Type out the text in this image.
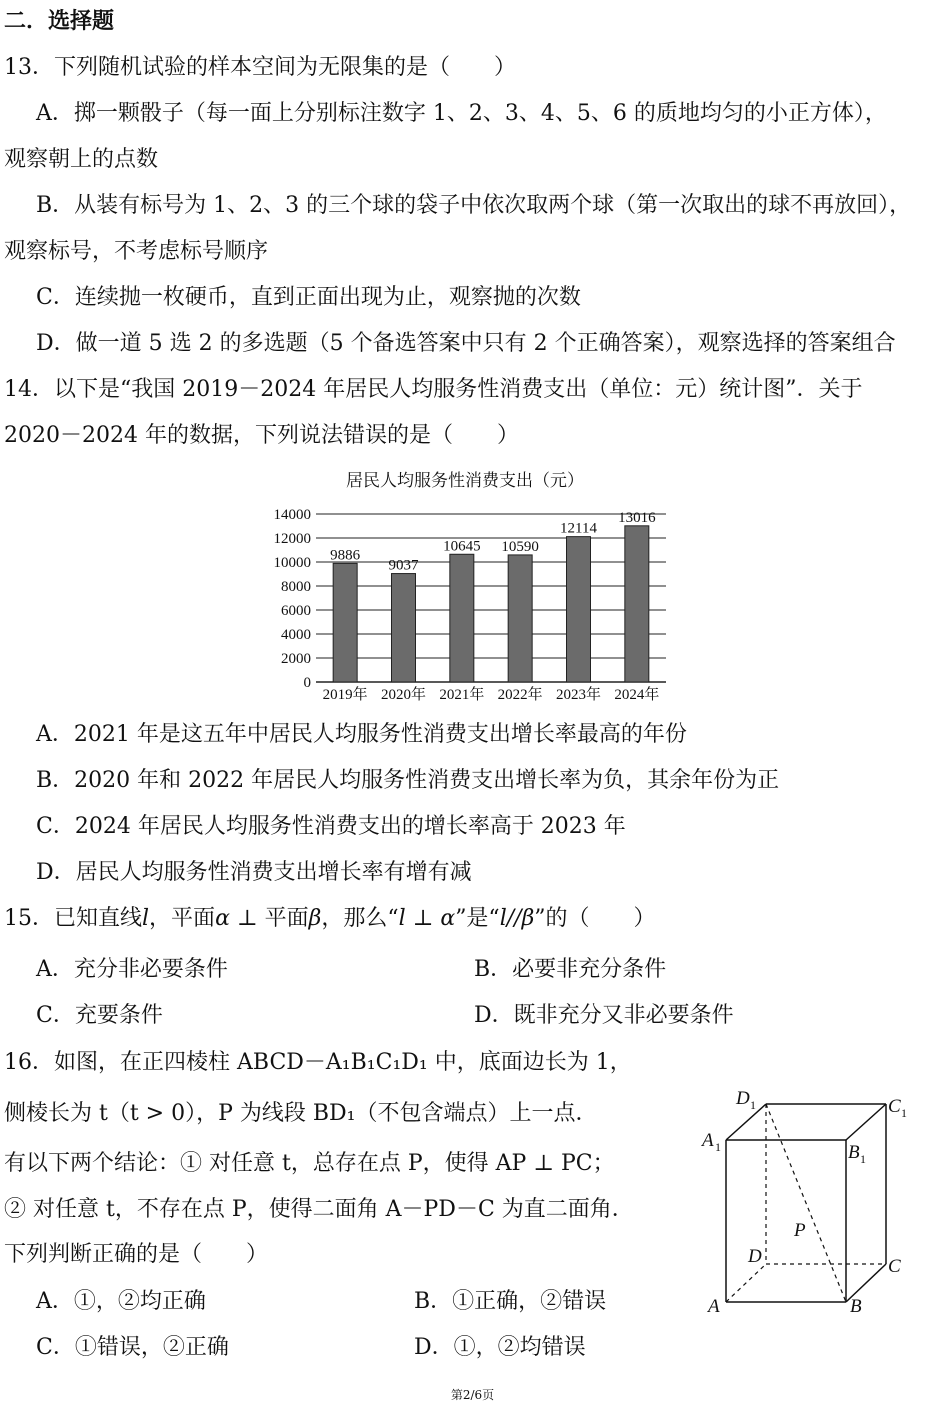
二．选择题
13．下列随机试验的样本空间为无限集的是（　　）
A．掷一颗骰子（每一面上分别标注数字 1、2、3、4、5、6 的质地均匀的小正方体），
观察朝上的点数
B．从装有标号为 1、2、3 的三个球的袋子中依次取两个球（第一次取出的球不再放回），
观察标号，不考虑标号顺序
C．连续抛一枚硬币，直到正面出现为止，观察抛的次数
D．做一道 5 选 2 的多选题（5 个备选答案中只有 2 个正确答案），观察选择的答案组合
14．以下是“我国 2019－2024 年居民人均服务性消费支出（单位：元）统计图”．关于
2020－2024 年的数据，下列说法错误的是（　　）
居民人均服务性消费支出（元）
9886
9037
10645 10590
12114
13016
0
2000
4000
6000
8000
10000
12000
14000
2019年 2020年 2021年 2022年 2023年 2024年
A．2021 年是这五年中居民人均服务性消费支出增长率最高的年份
B．2020 年和 2022 年居民人均服务性消费支出增长率为负，其余年份为正
C．2024 年居民人均服务性消费支出的增长率高于 2023 年
D．居民人均服务性消费支出增长率有增有减
15．已知直线l，平面α ⊥ 平面β，那么“l ⊥ α”是“l//β”的（　　）
A．充分非必要条件	B．必要非充分条件
C．充要条件	D．既非充分又非必要条件
16．如图，在正四棱柱 ABCD－A₁B₁C₁D₁ 中，底面边长为 1，
侧棱长为 t（t > 0），P 为线段 BD₁（不包含端点）上一点．
有以下两个结论：① 对任意 t，总存在点 P，使得 AP ⊥ PC；
② 对任意 t，不存在点 P，使得二面角 A－PD－C 为直二面角．
下列判断正确的是（　　）
A．①，②均正确	B．①正确，②错误
C．①错误，②正确	D．①，②均错误
D 1	C 1
A 1	B 1
P
D	C
A	B
第2/6页
